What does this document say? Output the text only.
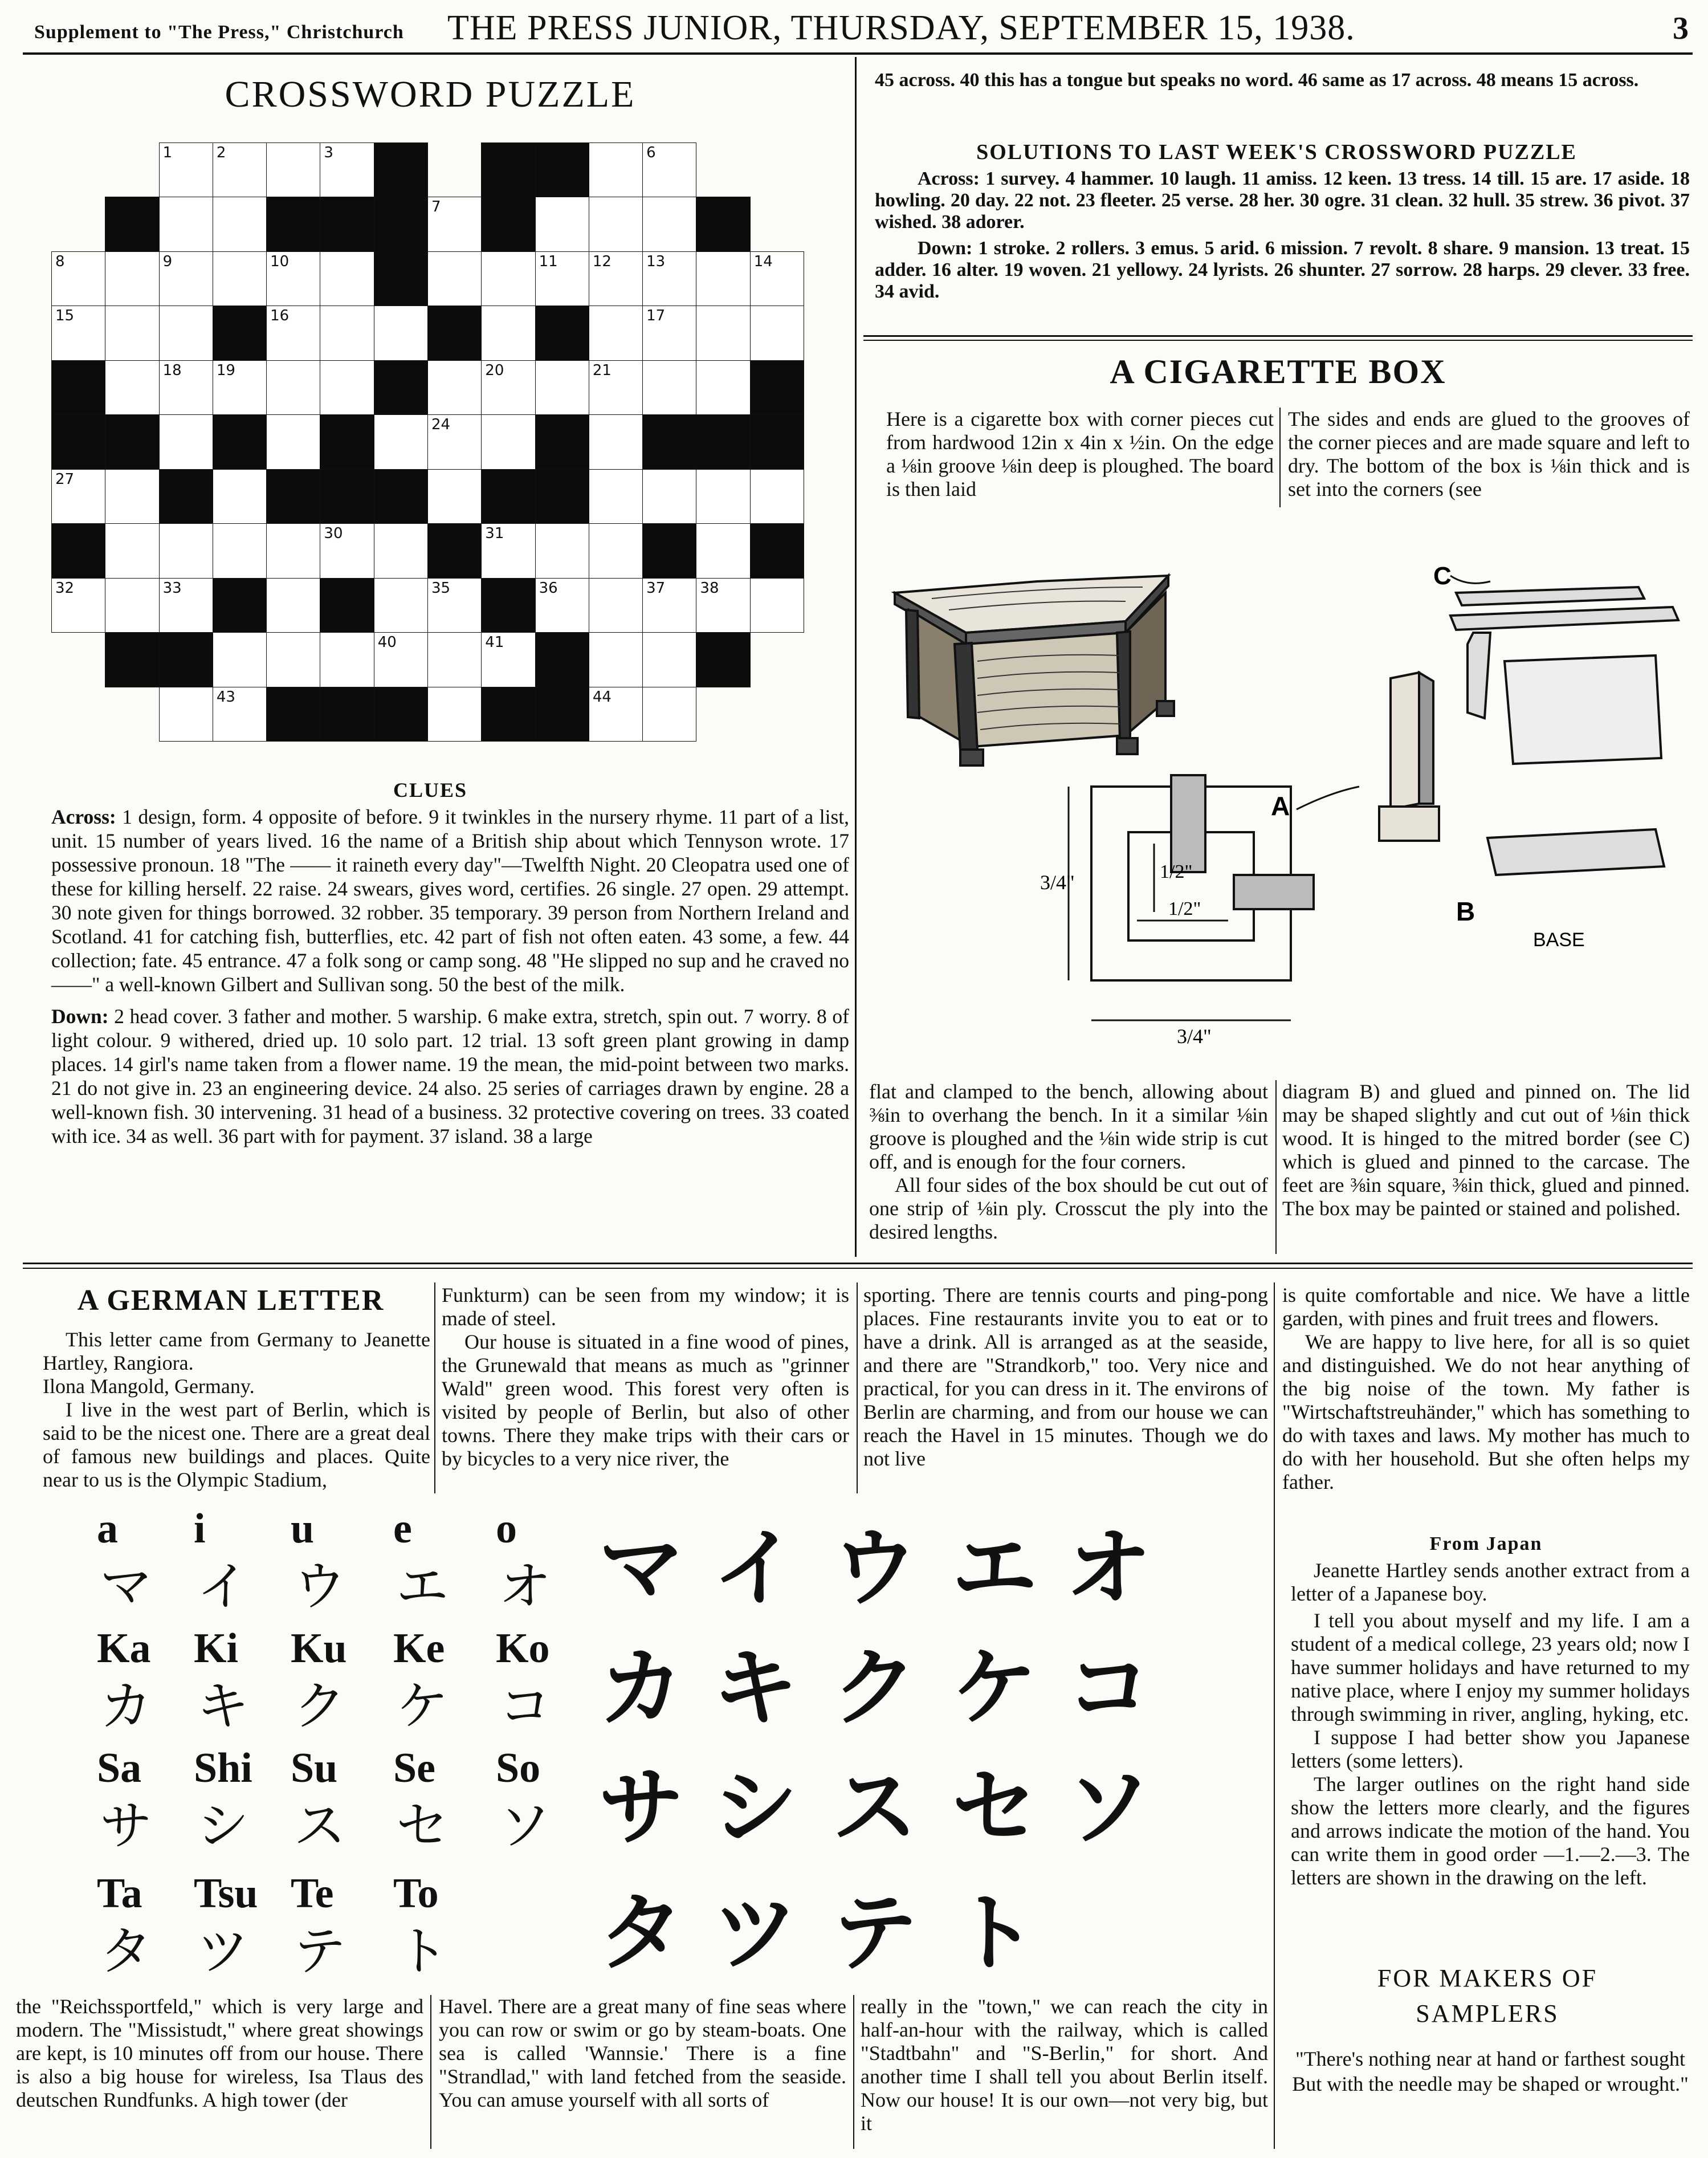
Supplement to "The Press," Christchurch THE PRESS JUNIOR, THURSDAY, SEPTEMBER 15, 1938.	3
CROSSWORD PUZZLE
1	2	3	6
7
8	9	10	11 12 13	14
15	16	17
18 19	20	21
24
27
30	31
32	33	35	36	37 38
40	41
43	44
CLUES

Across: 1 design, form. 4 opposite of before. 9 it twinkles in the nursery rhyme. 11 part of a list, unit. 15 number of years lived. 16 the name of a British ship about which Tennyson wrote. 17 possessive pronoun. 18 "The —— it raineth every day"—Twelfth Night. 20 Cleopatra used one of these for killing herself. 22 raise. 24 swears, gives word, certifies. 26 single. 27 open. 29 attempt. 30 note given for things borrowed. 32 robber. 35 temporary. 39 person from Northern Ireland and Scotland. 41 for catching fish, butterflies, etc. 42 part of fish not often eaten. 43 some, a few. 44 collection; fate. 45 entrance. 47 a folk song or camp song. 48 "He slipped no sup and he craved no ——" a well-known Gilbert and Sullivan song. 50 the best of the milk.

Down: 2 head cover. 3 father and mother. 5 warship. 6 make extra, stretch, spin out. 7 worry. 8 of light colour. 9 withered, dried up. 10 solo part. 12 trial. 13 soft green plant growing in damp places. 14 girl's name taken from a flower name. 19 the mean, the mid-point between two marks. 21 do not give in. 23 an engineering device. 24 also. 25 series of carriages drawn by engine. 28 a well-known fish. 30 intervening. 31 head of a business. 32 protective covering on trees. 33 coated with ice. 34 as well. 36 part with for payment. 37 island. 38 a large

45 across. 40 this has a tongue but speaks no word. 46 same as 17 across. 48 means 15 across.
SOLUTIONS TO LAST WEEK'S CROSSWORD PUZZLE

Across: 1 survey. 4 hammer. 10 laugh. 11 amiss. 12 keen. 13 tress. 14 till. 15 are. 17 aside. 18 howling. 20 day. 22 not. 23 fleeter. 25 verse. 28 her. 30 ogre. 31 clean. 32 hull. 35 strew. 36 pivot. 37 wished. 38 adorer.

Down: 1 stroke. 2 rollers. 3 emus. 5 arid. 6 mission. 7 revolt. 8 share. 9 mansion. 13 treat. 15 adder. 16 alter. 19 woven. 21 yellowy. 24 lyrists. 26 shunter. 27 sorrow. 28 harps. 29 clever. 33 free. 34 avid.

A CIGARETTE BOX
Here is a cigarette box with corner pieces cut from hardwood 12in x 4in x ½in. On the edge a ⅛in groove ⅛in deep is ploughed. The board is then laid
The sides and ends are glued to the grooves of the corner pieces and are made square and left to dry. The bottom of the box is ⅛in thick and is set into the corners (see
C
A
B
BASE
3/4"
3/4"
1/2"
1/2"

flat and clamped to the bench, allowing about ⅜in to overhang the bench. In it a similar ⅛in groove is ploughed and the ⅛in wide strip is cut off, and is enough for the four corners.

All four sides of the box should be cut out of one strip of ⅛in ply. Crosscut the ply into the desired lengths.

diagram B) and glued and pinned on. The lid may be shaped slightly and cut out of ⅛in thick wood. It is hinged to the mitred border (see C) which is glued and pinned to the carcase. The feet are ⅜in square, ⅜in thick, glued and pinned. The box may be painted or stained and polished.
A GERMAN LETTER

This letter came from Germany to Jeanette Hartley, Rangiora.

Ilona Mangold, Germany.

I live in the west part of Berlin, which is said to be the nicest one. There are a great deal of famous new buildings and places. Quite near to us is the Olympic Stadium,

Funkturm) can be seen from my window; it is made of steel.

Our house is situated in a fine wood of pines, the Grunewald that means as much as "grinner Wald" green wood. This forest very often is visited by people of Berlin, but also of other towns. There they make trips with their cars or by bicycles to a very nice river, the

sporting. There are tennis courts and ping-pong places. Fine restaurants invite you to eat or to have a drink. All is arranged as at the seaside, and there are "Strandkorb," too. Very nice and practical, for you can dress in it. The environs of Berlin are charming, and from our house we can reach the Havel in 15 minutes. Though we do not live

is quite comfortable and nice. We have a little garden, with pines and fruit trees and flowers.

We are happy to live here, for all is so quiet and distinguished. We do not hear anything of the big noise of the town. My father is "Wirtschaftstreuhänder," which has something to do with taxes and laws. My mother has much to do with her household. But she often helps my father.

From Japan

Jeanette Hartley sends another extract from a letter of a Japanese boy.

I tell you about myself and my life. I am a student of a medical college, 23 years old; now I have summer holidays and have returned to my native place, where I enjoy my summer holidays through swimming in river, angling, hyking, etc.

I suppose I had better show you Japanese letters (some letters).

The larger outlines on the right hand side show the letters more clearly, and the figures and arrows indicate the motion of the hand. You can write them in good order —1.—2.—3. The letters are shown in the drawing on the left.

a
マ	マ
i
イ	イ
u
ウ	ウ
e
エ	エ
o
オ	オ
Ka
カ	カ
Ki
キ	キ
Ku
ク	ク
Ke
ケ	ケ
Ko
コ	コ
Sa
サ	サ
Shi
シ	シ
Su
ス	ス
Se
セ	セ
So
ソ	ソ
Ta
タ	タ
Tsu
ツ	ツ
Te
テ	テ
To
ト	ト
the "Reichssportfeld," which is very large and modern. The "Missistudt," where great showings are kept, is 10 minutes off from our house. There is also a big house for wireless, Isa Tlaus des deutschen Rundfunks. A high tower (der
Havel. There are a great many of fine seas where you can row or swim or go by steam-boats. One sea is called 'Wannsie.' There is a fine "Strandlad," with land fetched from the seaside. You can amuse yourself with all sorts of
really in the "town," we can reach the city in half-an-hour with the railway, which is called "Stadtbahn" and "S-Berlin," for short. And another time I shall tell you about Berlin itself. Now our house! It is our own—not very big, but it
FOR MAKERS OF
SAMPLERS
"There's nothing near at hand or farthest sought But with the needle may be shaped or wrought."
